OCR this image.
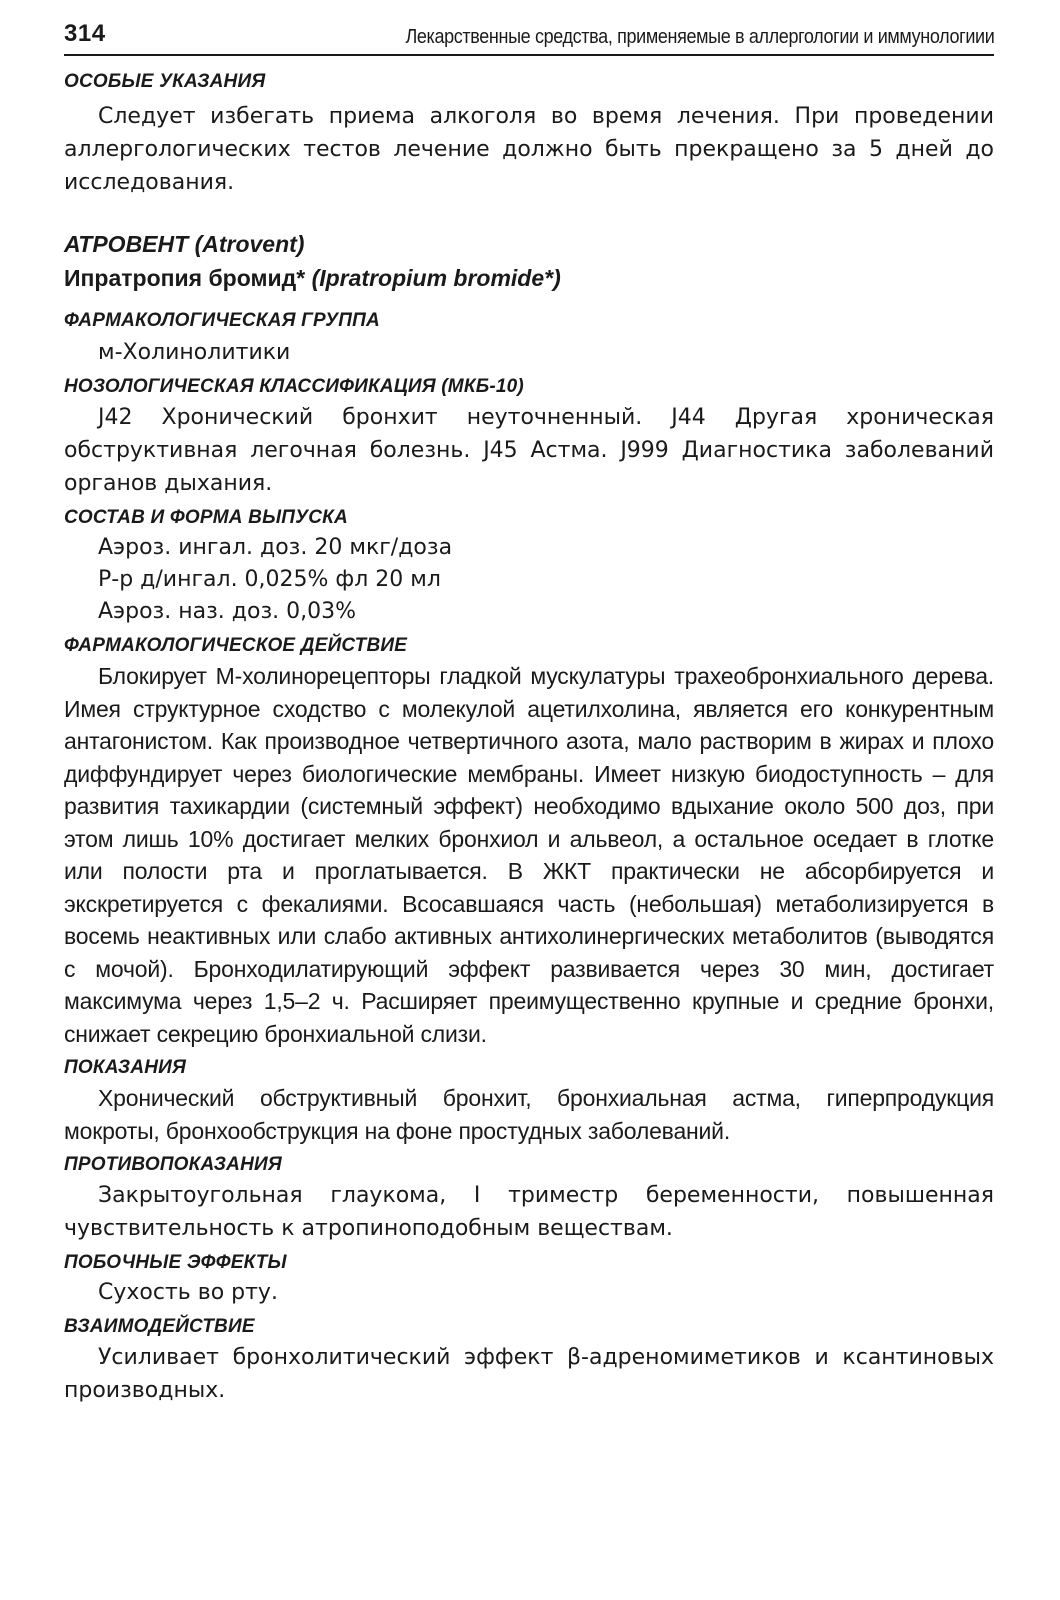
314	Лекарственные средства, применяемые в аллергологии и иммунологиии
ОСОБЫЕ УКАЗАНИЯ

Следует избегать приема алкоголя во время лечения. При проведении аллергологических тестов лечение должно быть прекращено за 5 дней до исследования.

АТРОВЕНТ (Atrovent)

Ипратропия бромид* (Ipratropium bromide*)

ФАРМАКОЛОГИЧЕСКАЯ ГРУППА

м-Холинолитики

НОЗОЛОГИЧЕСКАЯ КЛАССИФИКАЦИЯ (МКБ-10)

J42 Хронический бронхит неуточненный. J44 Другая хроническая обструктивная легочная болезнь. J45 Астма. J999 Диагностика заболеваний органов дыхания.

СОСТАВ И ФОРМА ВЫПУСКА

Аэроз. ингал. доз. 20 мкг/доза

Р-р д/ингал. 0,025% фл 20 мл

Аэроз. наз. доз. 0,03%

ФАРМАКОЛОГИЧЕСКОЕ ДЕЙСТВИЕ

Блокирует М-холинорецепторы гладкой мускулатуры трахеобронхиального дерева. Имея структурное сходство с молекулой ацетилхолина, является его конкурентным антагонистом. Как производное четвертичного азота, мало растворим в жирах и плохо диффундирует через биологические мембраны. Имеет низкую биодоступность – для развития тахикардии (системный эффект) необходимо вдыхание около 500 доз, при этом лишь 10% достигает мелких бронхиол и альвеол, а остальное оседает в глотке или полости рта и проглатывается. В ЖКТ практически не абсорбируется и экскретируется с фекалиями. Всосавшаяся часть (небольшая) метаболизируется в восемь неактивных или слабо активных антихолинергических метаболитов (выводятся с мочой). Бронходилатирующий эффект развивается через 30 мин, достигает максимума через 1,5–2 ч. Расширяет преимущественно крупные и средние бронхи, снижает секрецию бронхиальной слизи.

ПОКАЗАНИЯ

Хронический обструктивный бронхит, бронхиальная астма, гиперпродукция мокроты, бронхообструкция на фоне простудных заболеваний.

ПРОТИВОПОКАЗАНИЯ

Закрытоугольная глаукома, I триместр беременности, повышенная чувствительность к атропиноподобным веществам.

ПОБОЧНЫЕ ЭФФЕКТЫ

Сухость во рту.

ВЗАИМОДЕЙСТВИЕ

Усиливает бронхолитический эффект β-адреномиметиков и ксантиновых производных.
